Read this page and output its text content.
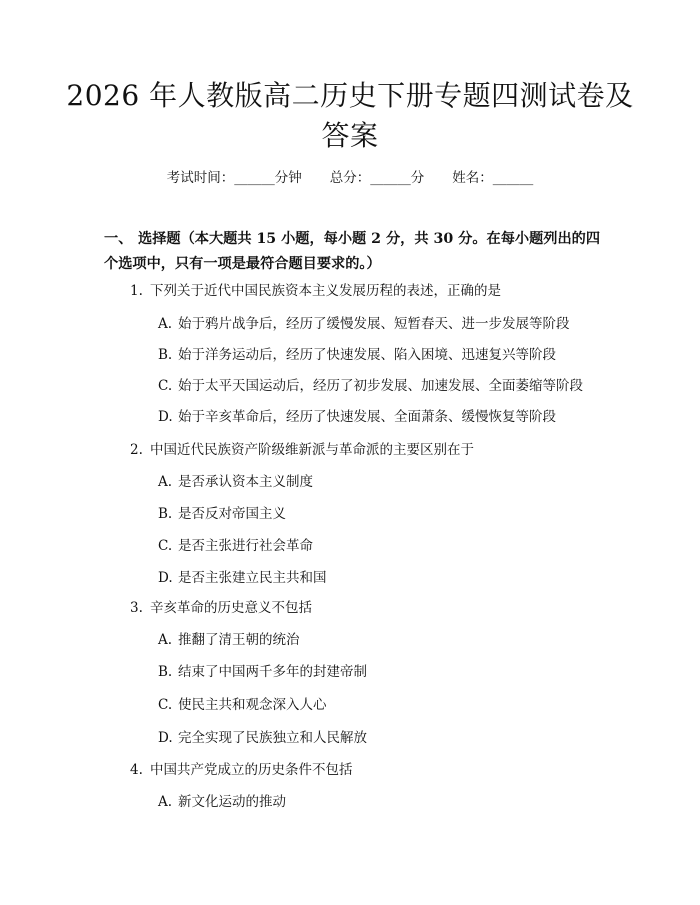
2026 年人教版高二历史下册专题四测试卷及答案
考试时间：______分钟 总分：______分 姓名：______
一、 选择题（本大题共 15 小题，每小题 2 分，共 30 分。在每小题列出的四个选项中，只有一项是最符合题目要求的。）
1. 下列关于近代中国民族资本主义发展历程的表述，正确的是
A. 始于鸦片战争后，经历了缓慢发展、短暂春天、进一步发展等阶段
B. 始于洋务运动后，经历了快速发展、陷入困境、迅速复兴等阶段
C. 始于太平天国运动后，经历了初步发展、加速发展、全面萎缩等阶段
D. 始于辛亥革命后，经历了快速发展、全面萧条、缓慢恢复等阶段
2. 中国近代民族资产阶级维新派与革命派的主要区别在于
A. 是否承认资本主义制度
B. 是否反对帝国主义
C. 是否主张进行社会革命
D. 是否主张建立民主共和国
3. 辛亥革命的历史意义不包括
A. 推翻了清王朝的统治
B. 结束了中国两千多年的封建帝制
C. 使民主共和观念深入人心
D. 完全实现了民族独立和人民解放
4. 中国共产党成立的历史条件不包括
A. 新文化运动的推动
